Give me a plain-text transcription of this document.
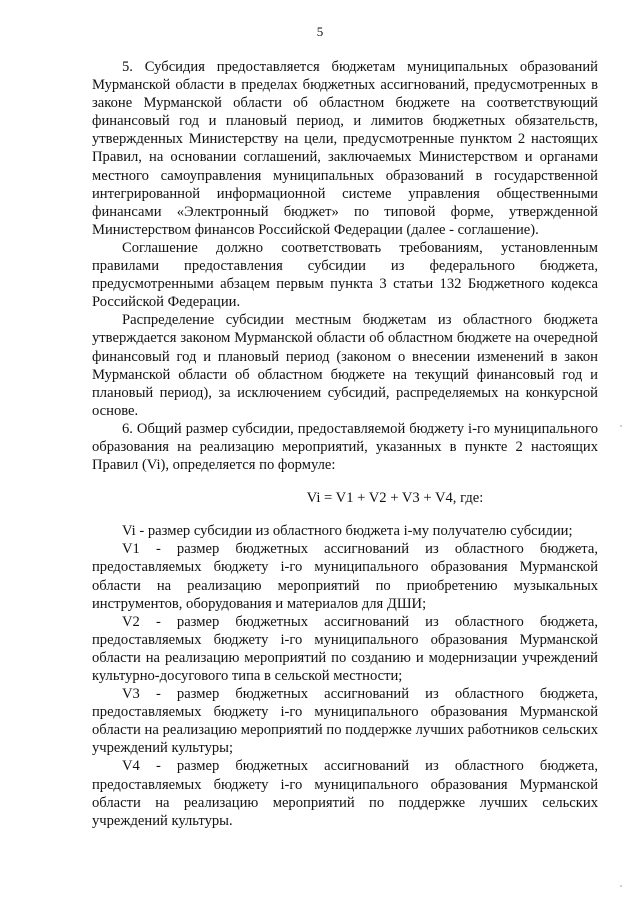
5

5. Субсидия предоставляется бюджетам муниципальных образований Мурманской области в пределах бюджетных ассигнований, предусмотренных в законе Мурманской области об областном бюджете на соответствующий финансовый год и плановый период, и лимитов бюджетных обязательств, утвержденных Министерству на цели, предусмотренные пунктом 2 настоящих Правил, на основании соглашений, заключаемых Министерством и органами местного самоуправления муниципальных образований в государственной интегрированной информационной системе управления общественными финансами «Электронный бюджет» по типовой форме, утвержденной Министерством финансов Российской Федерации (далее - соглашение).

Соглашение должно соответствовать требованиям, установленным правилами предоставления субсидии из федерального бюджета, предусмотренными абзацем первым пункта 3 статьи 132 Бюджетного кодекса Российской Федерации.

Распределение субсидии местным бюджетам из областного бюджета утверждается законом Мурманской области об областном бюджете на очередной финансовый год и плановый период (законом о внесении изменений в закон Мурманской области об областном бюджете на текущий финансовый год и плановый период), за исключением субсидий, распределяемых на конкурсной основе.

6. Общий размер субсидии, предоставляемой бюджету i-го муниципального образования на реализацию мероприятий, указанных в пункте 2 настоящих Правил (Vi), определяется по формуле:

Vi = V1 + V2 + V3 + V4, где:

Vi - размер субсидии из областного бюджета i-му получателю субсидии;

V1 - размер бюджетных ассигнований из областного бюджета, предоставляемых бюджету i-го муниципального образования Мурманской области на реализацию мероприятий по приобретению музыкальных инструментов, оборудования и материалов для ДШИ;

V2 - размер бюджетных ассигнований из областного бюджета, предоставляемых бюджету i-го муниципального образования Мурманской области на реализацию мероприятий по созданию и модернизации учреждений культурно-досугового типа в сельской местности;

V3 - размер бюджетных ассигнований из областного бюджета, предоставляемых бюджету i-го муниципального образования Мурманской области на реализацию мероприятий по поддержке лучших работников сельских учреждений культуры;

V4 - размер бюджетных ассигнований из областного бюджета, предоставляемых бюджету i-го муниципального образования Мурманской области на реализацию мероприятий по поддержке лучших сельских учреждений культуры.
